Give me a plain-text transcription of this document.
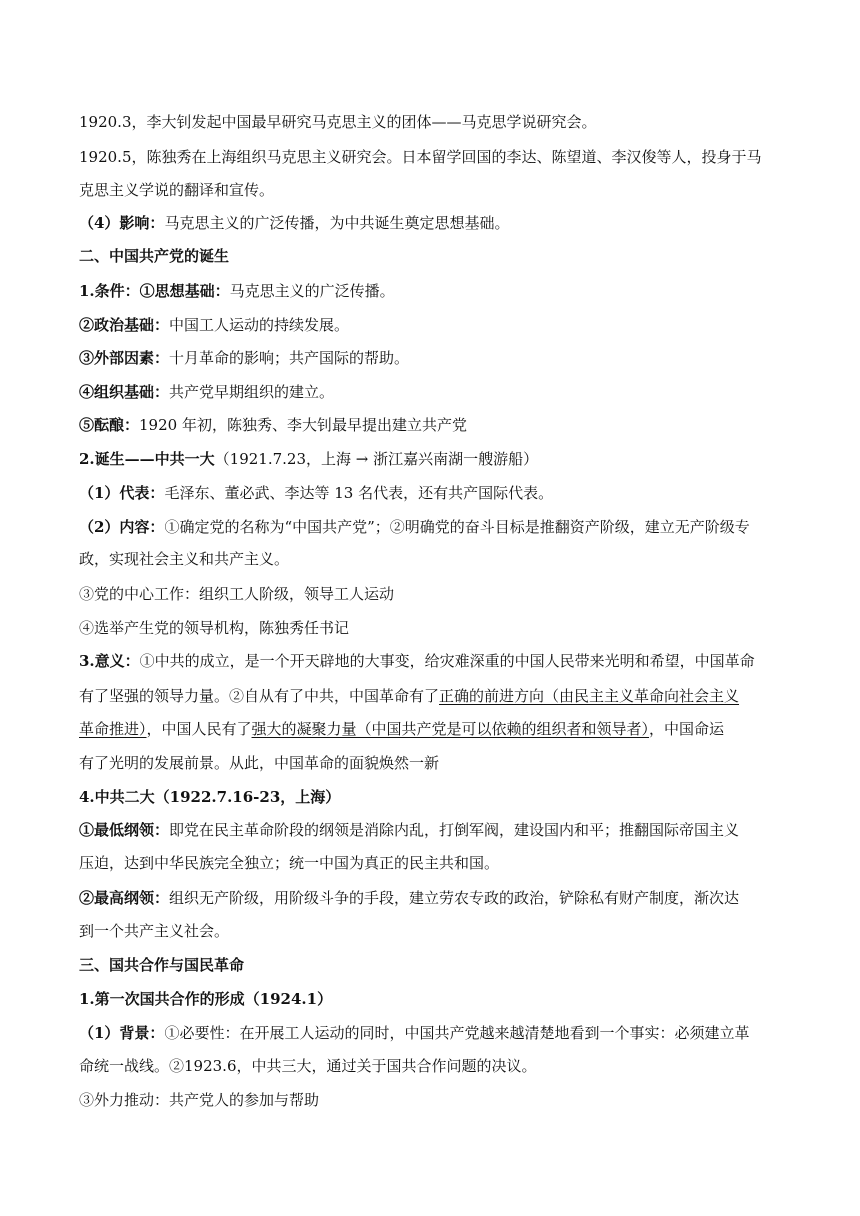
1920.3，李大钊发起中国最早研究马克思主义的团体——马克思学说研究会。
1920.5，陈独秀在上海组织马克思主义研究会。日本留学回国的李达、陈望道、李汉俊等人，投身于马
克思主义学说的翻译和宣传。
（4）影响：马克思主义的广泛传播，为中共诞生奠定思想基础。
二、中国共产党的诞生
1.条件：①思想基础：马克思主义的广泛传播。
②政治基础：中国工人运动的持续发展。
③外部因素：十月革命的影响；共产国际的帮助。
④组织基础：共产党早期组织的建立。
⑤酝酿：1920 年初，陈独秀、李大钊最早提出建立共产党
2.诞生——中共一大（1921.7.23，上海 → 浙江嘉兴南湖一艘游船）
（1）代表：毛泽东、董必武、李达等 13 名代表，还有共产国际代表。
（2）内容：①确定党的名称为“中国共产党”；②明确党的奋斗目标是推翻资产阶级，建立无产阶级专
政，实现社会主义和共产主义。
③党的中心工作：组织工人阶级，领导工人运动
④选举产生党的领导机构，陈独秀任书记
3.意义：①中共的成立，是一个开天辟地的大事变，给灾难深重的中国人民带来光明和希望，中国革命
有了坚强的领导力量。②自从有了中共，中国革命有了正确的前进方向（由民主主义革命向社会主义
革命推进），中国人民有了强大的凝聚力量（中国共产党是可以依赖的组织者和领导者），中国命运
有了光明的发展前景。从此，中国革命的面貌焕然一新
4.中共二大（1922.7.16-23，上海）
①最低纲领：即党在民主革命阶段的纲领是消除内乱，打倒军阀，建设国内和平；推翻国际帝国主义
压迫，达到中华民族完全独立；统一中国为真正的民主共和国。
②最高纲领：组织无产阶级，用阶级斗争的手段，建立劳农专政的政治，铲除私有财产制度，渐次达
到一个共产主义社会。
三、国共合作与国民革命
1.第一次国共合作的形成（1924.1）
（1）背景：①必要性：在开展工人运动的同时，中国共产党越来越清楚地看到一个事实：必须建立革
命统一战线。②1923.6，中共三大，通过关于国共合作问题的决议。
③外力推动：共产党人的参加与帮助
